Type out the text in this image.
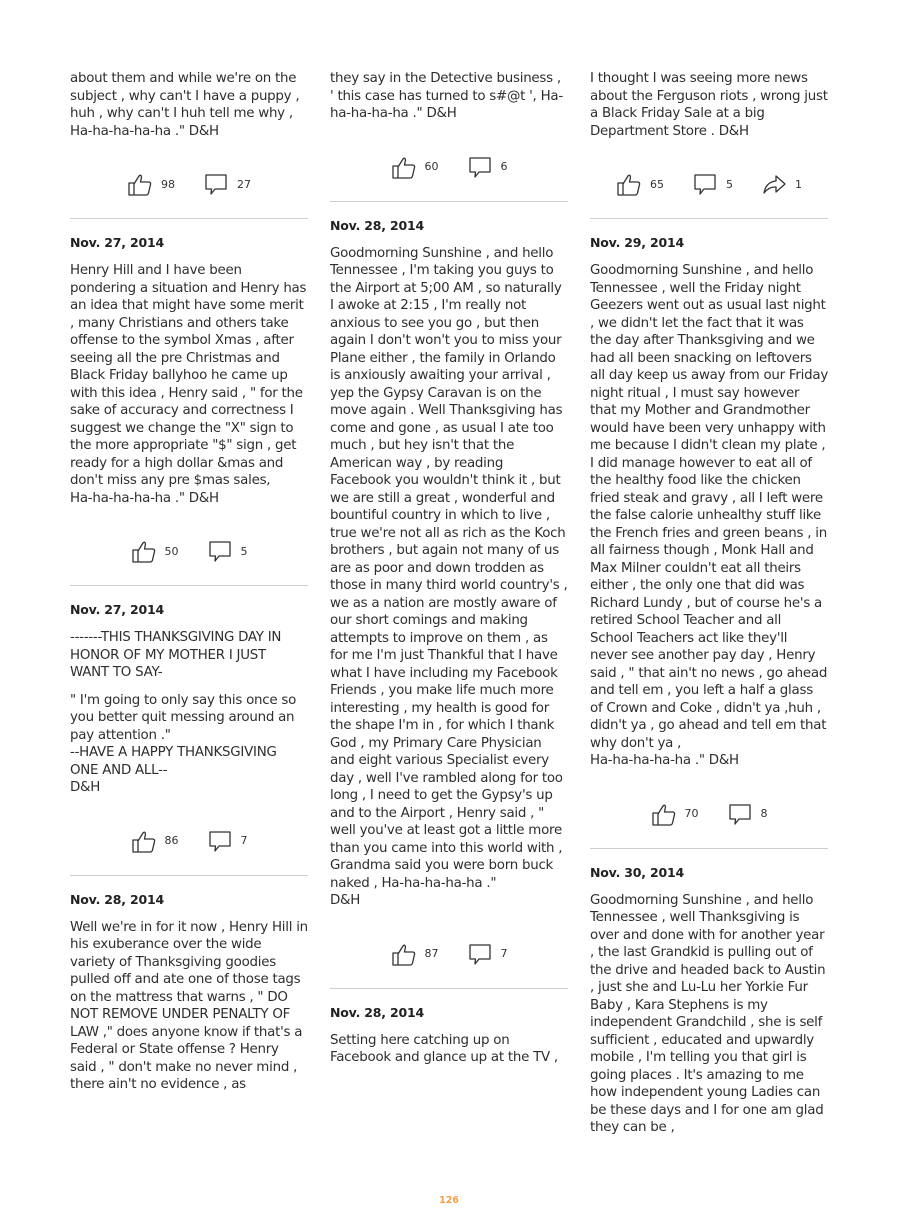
about them and while we're on the subject , why can't I have a puppy , huh , why can't I huh tell me why , Ha-ha-ha-ha-ha ." D&H

98	27

Nov. 27, 2014

Henry Hill and I have been pondering a situation and Henry has an idea that might have some merit , many Christians and others take offense to the symbol Xmas , after seeing all the pre Christmas and Black Friday ballyhoo he came up with this idea , Henry said , " for the sake of accuracy and correctness I suggest we change the "X" sign to the more appropriate "$" sign , get ready for a high dollar &mas and don't miss any pre $mas sales,
Ha-ha-ha-ha-ha ." D&H

50	5

Nov. 27, 2014

-------THIS THANKSGIVING DAY IN HONOR OF MY MOTHER I JUST WANT TO SAY-

" I'm going to only say this once so you better quit messing around an pay attention ."
--HAVE A HAPPY THANKSGIVING ONE AND ALL--
D&H

86	7

Nov. 28, 2014

Well we're in for it now , Henry Hill in his exuberance over the wide variety of Thanksgiving goodies pulled off and ate one of those tags on the mattress that warns , " DO NOT REMOVE UNDER PENALTY OF LAW ," does anyone know if that's a Federal or State offense ? Henry said , " don't make no never mind , there ain't no evidence , as

they say in the Detective business , ' this case has turned to s#@t ', Ha-ha-ha-ha-ha ." D&H

60	6

Nov. 28, 2014

Goodmorning Sunshine , and hello Tennessee , I'm taking you guys to the Airport at 5;00 AM , so naturally I awoke at 2:15 , I'm really not anxious to see you go , but then again I don't won't you to miss your Plane either , the family in Orlando is anxiously awaiting your arrival , yep the Gypsy Caravan is on the move again . Well Thanksgiving has come and gone , as usual I ate too much , but hey isn't that the American way , by reading Facebook you wouldn't think it , but we are still a great , wonderful and bountiful country in which to live , true we're not all as rich as the Koch brothers , but again not many of us are as poor and down trodden as those in many third world country's , we as a nation are mostly aware of our short comings and making attempts to improve on them , as for me I'm just Thankful that I have what I have including my Facebook Friends , you make life much more interesting , my health is good for the shape I'm in , for which I thank God , my Primary Care Physician and eight various Specialist every day , well I've rambled along for too long , I need to get the Gypsy's up and to the Airport , Henry said , " well you've at least got a little more than you came into this world with , Grandma said you were born buck naked , Ha-ha-ha-ha-ha ."
D&H

87	7

Nov. 28, 2014

Setting here catching up on Facebook and glance up at the TV ,

I thought I was seeing more news about the Ferguson riots , wrong just a Black Friday Sale at a big Department Store . D&H

65	5	1

Nov. 29, 2014

Goodmorning Sunshine , and hello Tennessee , well the Friday night Geezers went out as usual last night , we didn't let the fact that it was the day after Thanksgiving and we had all been snacking on leftovers all day keep us away from our Friday night ritual , I must say however that my Mother and Grandmother would have been very unhappy with me because I didn't clean my plate , I did manage however to eat all of the healthy food like the chicken fried steak and gravy , all I left were the false calorie unhealthy stuff like the French fries and green beans , in all fairness though , Monk Hall and Max Milner couldn't eat all theirs either , the only one that did was Richard Lundy , but of course he's a retired School Teacher and all School Teachers act like they'll never see another pay day , Henry said , " that ain't no news , go ahead and tell em , you left a half a glass of Crown and Coke , didn't ya ,huh , didn't ya , go ahead and tell em that why don't ya ,
Ha-ha-ha-ha-ha ." D&H

70	8

Nov. 30, 2014

Goodmorning Sunshine , and hello Tennessee , well Thanksgiving is over and done with for another year , the last Grandkid is pulling out of the drive and headed back to Austin , just she and Lu-Lu her Yorkie Fur Baby , Kara Stephens is my independent Grandchild , she is self sufficient , educated and upwardly mobile , I'm telling you that girl is going places . It's amazing to me how independent young Ladies can be these days and I for one am glad they can be ,

126
